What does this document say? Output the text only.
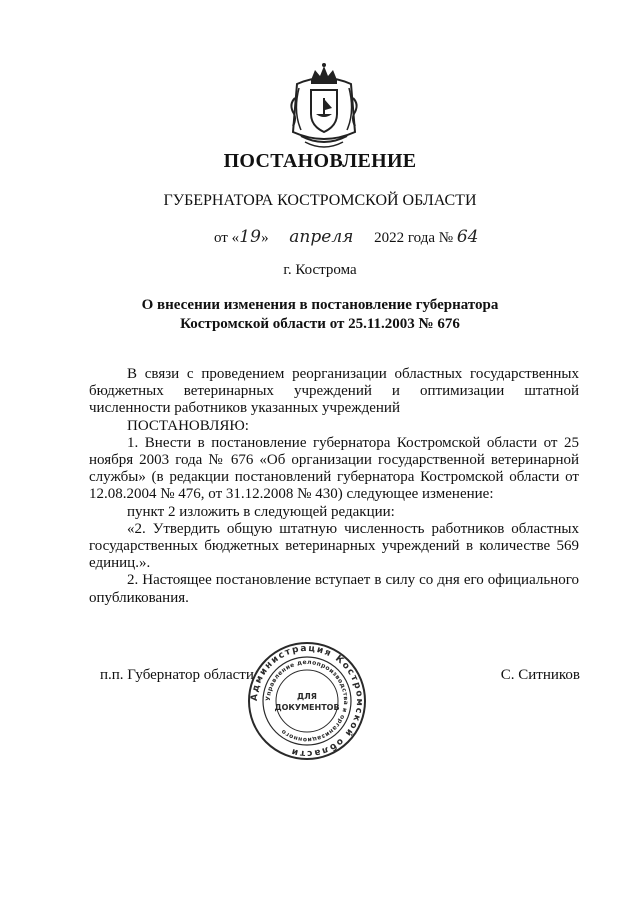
ПОСТАНОВЛЕНИЕ
ГУБЕРНАТОРА КОСТРОМСКОЙ ОБЛАСТИ
от «19» апреля 2022 года № 64
г. Кострома
О внесении изменения в постановление губернатора
Костромской области от 25.11.2003 № 676

В связи с проведением реорганизации областных государственных бюджетных ветеринарных учреждений и оптимизации штатной численности работников указанных учреждений

ПОСТАНОВЛЯЮ:

1. Внести в постановление губернатора Костромской области от 25 ноября 2003 года № 676 «Об организации государственной ветеринарной службы» (в редакции постановлений губернатора Костромской области от 12.08.2004 № 476, от 31.12.2008 № 430) следующее изменение:

пункт 2 изложить в следующей редакции:

«2. Утвердить общую штатную численность работников областных государственных бюджетных ветеринарных учреждений в количестве 569 единиц.».

2. Настоящее постановление вступает в силу со дня его официального опубликования.

п.п. Губернатор области	С. Ситников
Администрация Костромской области
Управление делопроизводства и организационного
ДЛЯ
ДОКУМЕНТОВ
